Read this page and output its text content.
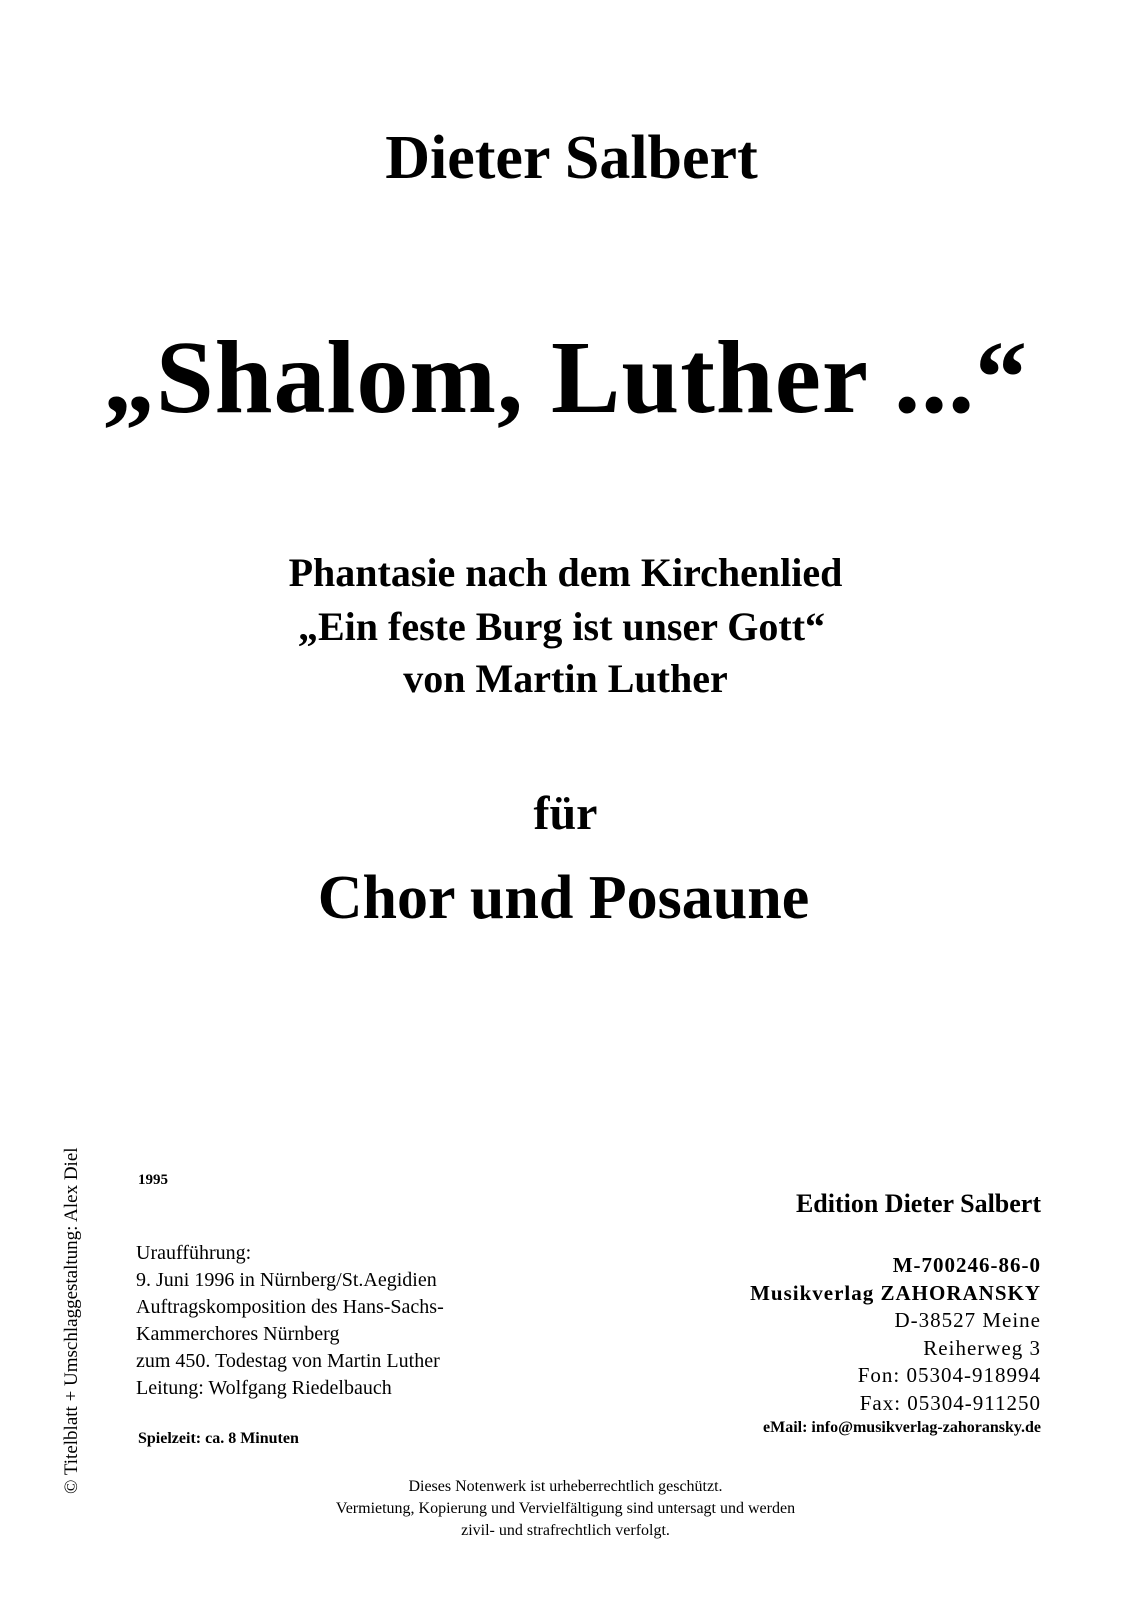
Dieter Salbert
„Shalom, Luther ...“
Phantasie nach dem Kirchenlied
„Ein feste Burg ist unser Gott“
von Martin Luther
für
Chor und Posaune
© Titelblatt + Umschlaggestaltung: Alex Diel	1995
Uraufführung:
9. Juni 1996 in Nürnberg/St.Aegidien
Auftragskomposition des Hans-Sachs-
Kammerchores Nürnberg
zum 450. Todestag von Martin Luther
Leitung: Wolfgang Riedelbauch
Spielzeit: ca. 8 Minuten
Edition Dieter Salbert
M-700246-86-0
Musikverlag ZAHORANSKY
D-38527 Meine
Reiherweg 3
Fon: 05304-918994
Fax: 05304-911250
eMail: info@musikverlag-zahoransky.de
Dieses Notenwerk ist urheberrechtlich geschützt.
Vermietung, Kopierung und Vervielfältigung sind untersagt und werden
zivil- und strafrechtlich verfolgt.
